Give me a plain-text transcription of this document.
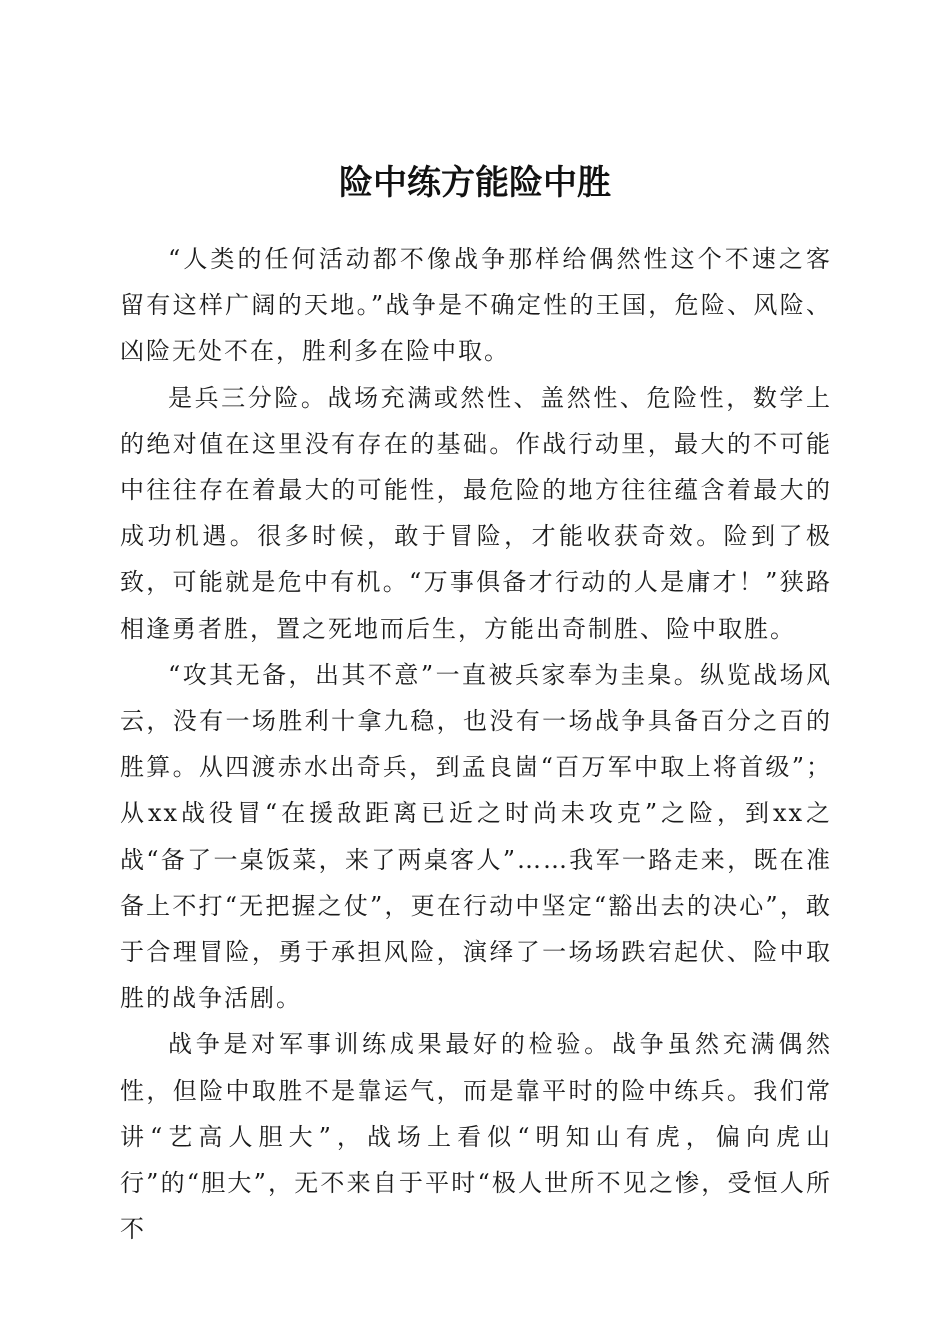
险中练方能险中胜

“人类的任何活动都不像战争那样给偶然性这个不速之客留有这样广阔的天地。”战争是不确定性的王国，危险、风险、凶险无处不在，胜利多在险中取。

是兵三分险。战场充满或然性、盖然性、危险性，数学上的绝对值在这里没有存在的基础。作战行动里，最大的不可能中往往存在着最大的可能性，最危险的地方往往蕴含着最大的成功机遇。很多时候，敢于冒险，才能收获奇效。险到了极致，可能就是危中有机。“万事俱备才行动的人是庸才！”狭路相逢勇者胜，置之死地而后生，方能出奇制胜、险中取胜。

“攻其无备，出其不意”一直被兵家奉为圭臬。纵览战场风云，没有一场胜利十拿九稳，也没有一场战争具备百分之百的胜算。从四渡赤水出奇兵，到孟良崮“百万军中取上将首级”；从xx战役冒“在援敌距离已近之时尚未攻克”之险，到xx之战“备了一桌饭菜，来了两桌客人”……我军一路走来，既在准备上不打“无把握之仗”，更在行动中坚定“豁出去的决心”，敢于合理冒险，勇于承担风险，演绎了一场场跌宕起伏、险中取胜的战争活剧。

战争是对军事训练成果最好的检验。战争虽然充满偶然性，但险中取胜不是靠运气，而是靠平时的险中练兵。我们常讲“艺高人胆大”，战场上看似“明知山有虎，偏向虎山行”的“胆大”，无不来自于平时“极人世所不见之惨，受恒人所不
